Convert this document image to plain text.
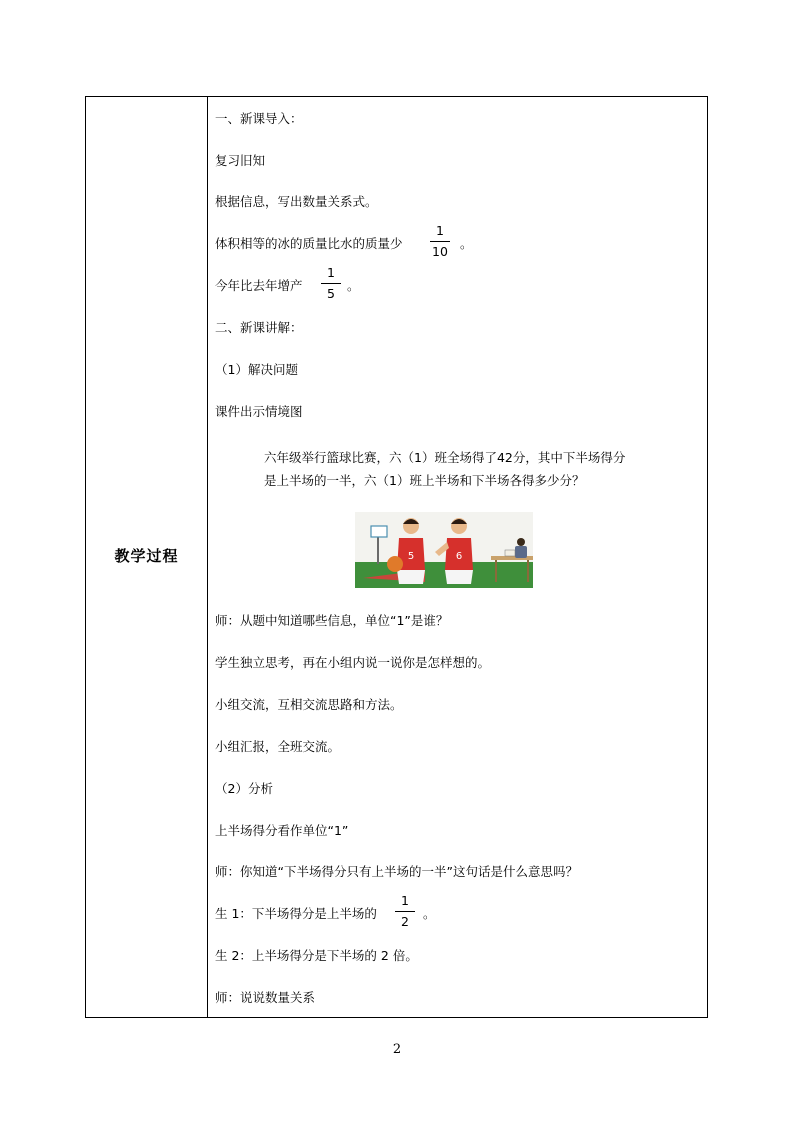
教学过程
一、新课导入：
复习旧知
根据信息，写出数量关系式。
体积相等的冰的质量比水的质量少
1
10
。
今年比去年增产
1
5
。
二、新课讲解：
（1）解决问题
课件出示情境图
六年级举行篮球比赛，六（1）班全场得了42分，其中下半场得分
是上半场的一半，六（1）班上半场和下半场各得多少分？
5	6
师：从题中知道哪些信息，单位“1”是谁？
学生独立思考，再在小组内说一说你是怎样想的。
小组交流，互相交流思路和方法。
小组汇报，全班交流。
（2）分析
上半场得分看作单位“1”
师：你知道“下半场得分只有上半场的一半”这句话是什么意思吗？
生 1：下半场得分是上半场的
1
2
。
生 2：上半场得分是下半场的 2 倍。
师：说说数量关系
2
